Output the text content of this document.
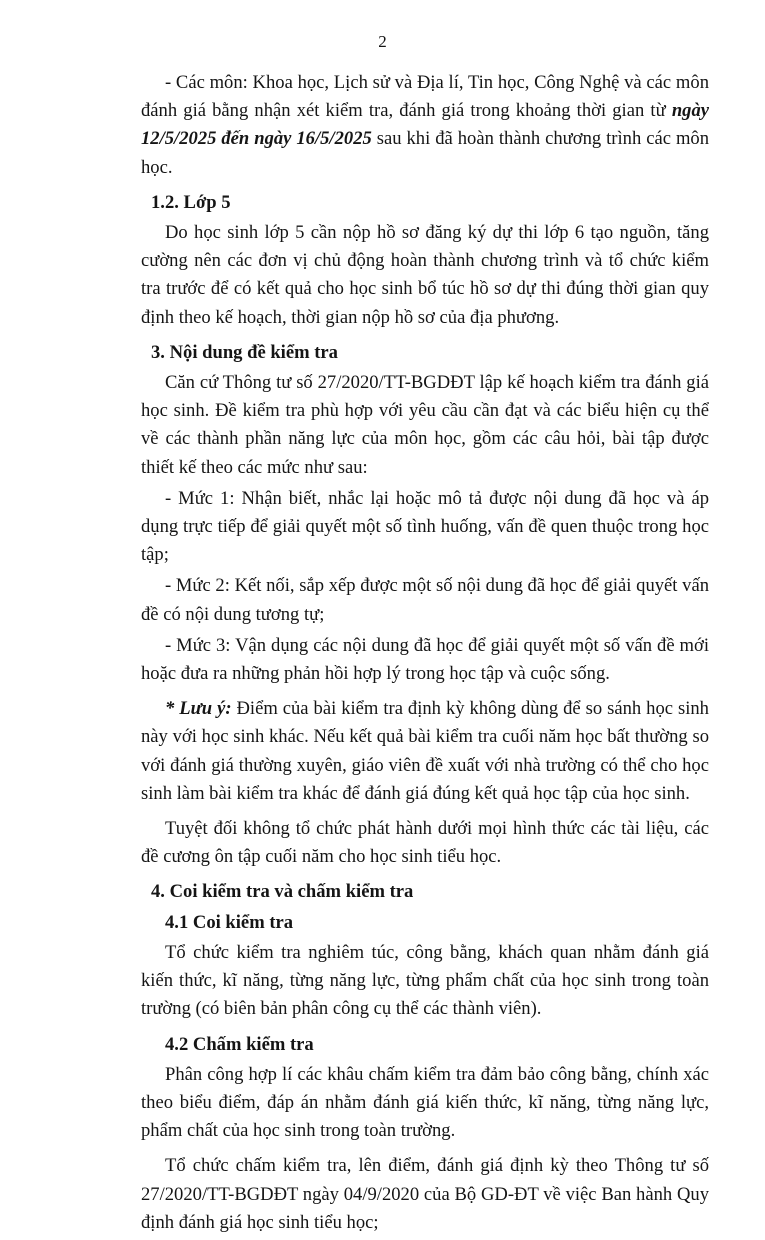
2

- Các môn: Khoa học, Lịch sử và Địa lí, Tin học, Công Nghệ và các môn đánh giá bằng nhận xét kiểm tra, đánh giá trong khoảng thời gian từ ngày 12/5/2025 đến ngày 16/5/2025 sau khi đã hoàn thành chương trình các môn học.

1.2. Lớp 5

Do học sinh lớp 5 cần nộp hồ sơ đăng ký dự thi lớp 6 tạo nguồn, tăng cường nên các đơn vị chủ động hoàn thành chương trình và tổ chức kiểm tra trước để có kết quả cho học sinh bổ túc hồ sơ dự thi đúng thời gian quy định theo kế hoạch, thời gian nộp hồ sơ của địa phương.

3. Nội dung đề kiểm tra

Căn cứ Thông tư số 27/2020/TT-BGDĐT lập kế hoạch kiểm tra đánh giá học sinh. Đề kiểm tra phù hợp với yêu cầu cần đạt và các biểu hiện cụ thể về các thành phần năng lực của môn học, gồm các câu hỏi, bài tập được thiết kế theo các mức như sau:

- Mức 1: Nhận biết, nhắc lại hoặc mô tả được nội dung đã học và áp dụng trực tiếp để giải quyết một số tình huống, vấn đề quen thuộc trong học tập;

- Mức 2: Kết nối, sắp xếp được một số nội dung đã học để giải quyết vấn đề có nội dung tương tự;

- Mức 3: Vận dụng các nội dung đã học để giải quyết một số vấn đề mới hoặc đưa ra những phản hồi hợp lý trong học tập và cuộc sống.

* Lưu ý: Điểm của bài kiểm tra định kỳ không dùng để so sánh học sinh này với học sinh khác. Nếu kết quả bài kiểm tra cuối năm học bất thường so với đánh giá thường xuyên, giáo viên đề xuất với nhà trường có thể cho học sinh làm bài kiểm tra khác để đánh giá đúng kết quả học tập của học sinh.

Tuyệt đối không tổ chức phát hành dưới mọi hình thức các tài liệu, các đề cương ôn tập cuối năm cho học sinh tiểu học.

4. Coi kiểm tra và chấm kiểm tra

4.1 Coi kiểm tra

Tổ chức kiểm tra nghiêm túc, công bằng, khách quan nhằm đánh giá kiến thức, kĩ năng, từng năng lực, từng phẩm chất của học sinh trong toàn trường (có biên bản phân công cụ thể các thành viên).

4.2 Chấm kiểm tra

Phân công hợp lí các khâu chấm kiểm tra đảm bảo công bằng, chính xác theo biểu điểm, đáp án nhằm đánh giá kiến thức, kĩ năng, từng năng lực, phẩm chất của học sinh trong toàn trường.

Tổ chức chấm kiểm tra, lên điểm, đánh giá định kỳ theo Thông tư số 27/2020/TT-BGDĐT ngày 04/9/2020 của Bộ GD-ĐT về việc Ban hành Quy định đánh giá học sinh tiểu học;
